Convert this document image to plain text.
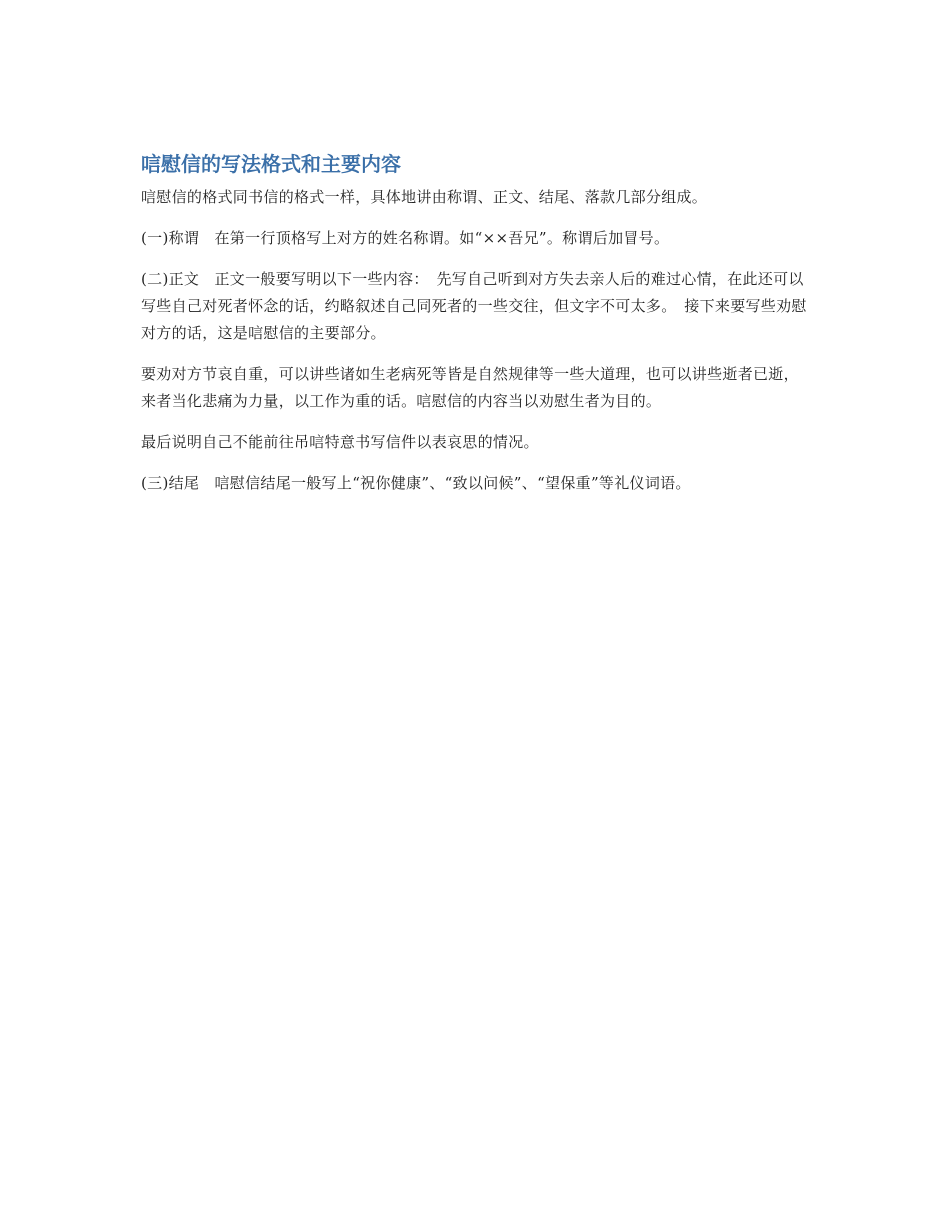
唁慰信的写法格式和主要内容

唁慰信的格式同书信的格式一样，具体地讲由称谓、正文、结尾、落款几部分组成。

(一)称谓　在第一行顶格写上对方的姓名称谓。如“××吾兄”。称谓后加冒号。

(二)正文　正文一般要写明以下一些内容：　先写自己听到对方失去亲人后的难过心情，在此还可以写些自己对死者怀念的话，约略叙述自己同死者的一些交往，但文字不可太多。　接下来要写些劝慰对方的话，这是唁慰信的主要部分。

要劝对方节哀自重，可以讲些诸如生老病死等皆是自然规律等一些大道理，也可以讲些逝者已逝，来者当化悲痛为力量，以工作为重的话。唁慰信的内容当以劝慰生者为目的。

最后说明自己不能前往吊唁特意书写信件以表哀思的情况。

(三)结尾　唁慰信结尾一般写上“祝你健康”、“致以问候”、“望保重”等礼仪词语。
